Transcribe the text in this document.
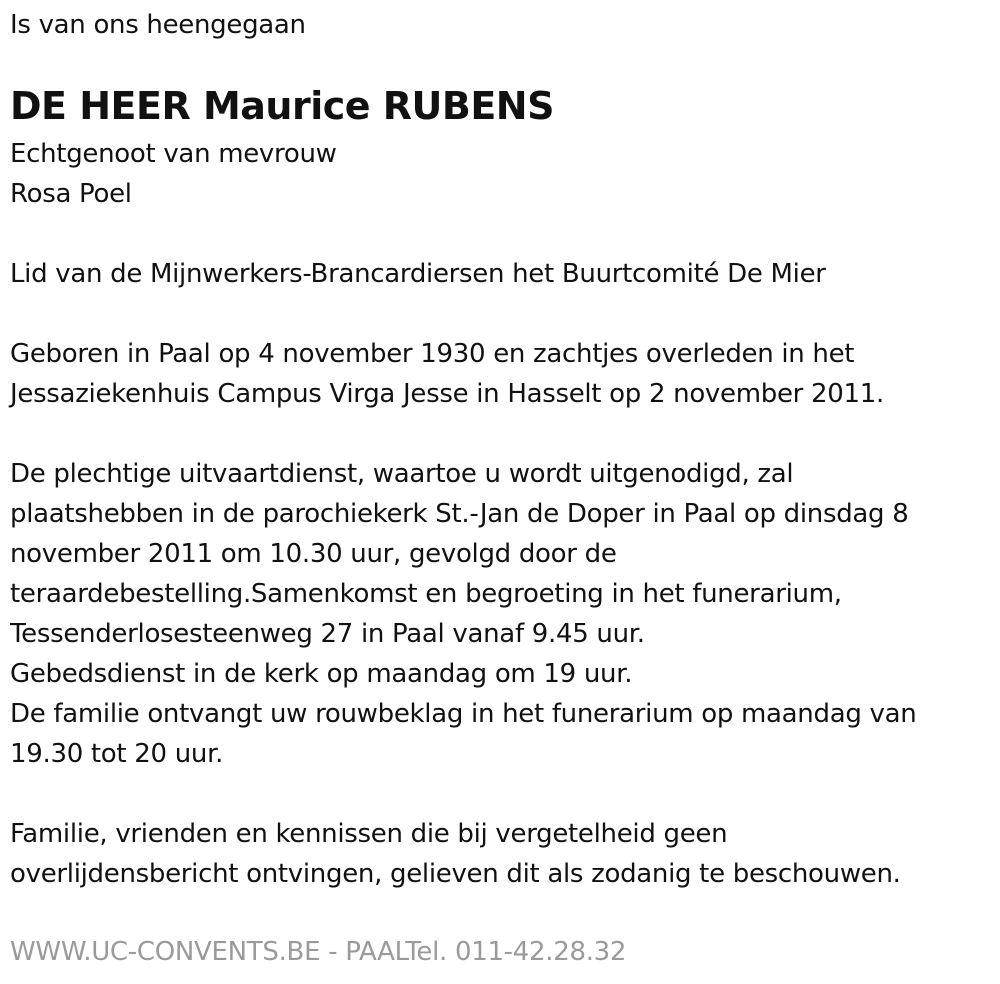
Is van ons heengegaan
DE HEER Maurice RUBENS
Echtgenoot van mevrouw
Rosa Poel
Lid van de Mijnwerkers-Brancardiersen het Buurtcomité De Mier
Geboren in Paal op 4 november 1930 en zachtjes overleden in het
Jessaziekenhuis Campus Virga Jesse in Hasselt op 2 november 2011.
De plechtige uitvaartdienst, waartoe u wordt uitgenodigd, zal
plaatshebben in de parochiekerk St.-Jan de Doper in Paal op dinsdag 8
november 2011 om 10.30 uur, gevolgd door de
teraardebestelling.Samenkomst en begroeting in het funerarium,
Tessenderlosesteenweg 27 in Paal vanaf 9.45 uur.
Gebedsdienst in de kerk op maandag om 19 uur.
De familie ontvangt uw rouwbeklag in het funerarium op maandag van
19.30 tot 20 uur.
Familie, vrienden en kennissen die bij vergetelheid geen
overlijdensbericht ontvingen, gelieven dit als zodanig te beschouwen.
WWW.UC-CONVENTS.BE - PAALTel. 011-42.28.32
